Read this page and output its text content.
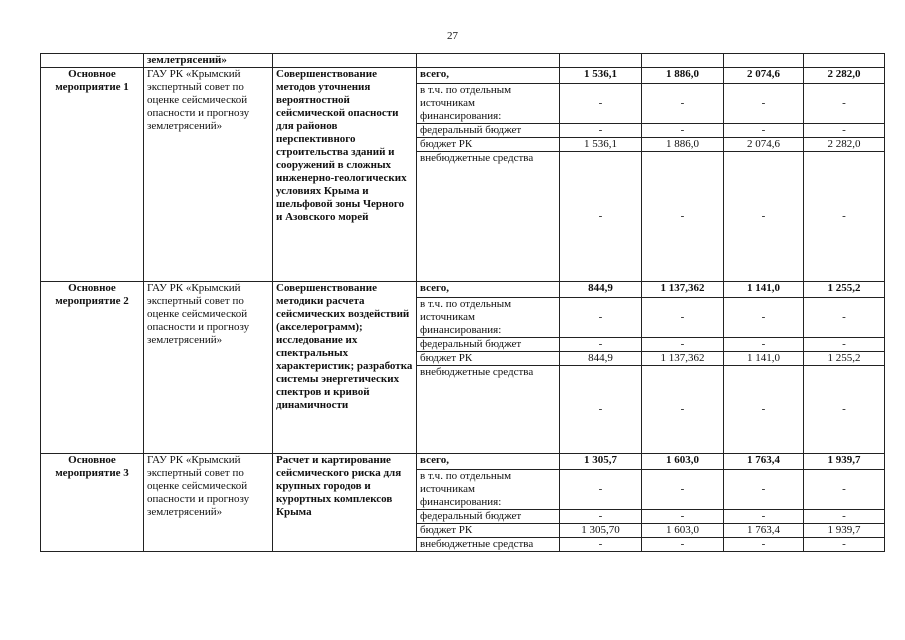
27
	землетрясений»						
Основное мероприятие 1	ГАУ РК «Крымский экспертный совет по оценке сейсмической опасности и прогнозу землетрясений»	Совершенствование методов уточнения вероятностной сейсмической опасности для районов перспективного строительства зданий и сооружений в сложных инженерно-геологических условиях Крыма и шельфовой зоны Черного и Азовского морей	всего,	1 536,1	1 886,0	2 074,6	2 282,0
			в т.ч. по отдельным источникам финансирования:	-	-	-	-
			федеральный бюджет	-	-	-	-
			бюджет РК	1 536,1	1 886,0	2 074,6	2 282,0
			внебюджетные средства	-	-	-	-

Основное мероприятие 2	ГАУ РК «Крымский экспертный совет по оценке сейсмической опасности и прогнозу землетрясений»	Совершенствование методики расчета сейсмических воздействий (акселерограмм); исследование их спектральных характеристик; разработка системы энергетических спектров и кривой динамичности	всего,	844,9	1 137,362	1 141,0	1 255,2
			в т.ч. по отдельным источникам финансирования:	-	-	-	-
			федеральный бюджет	-	-	-	-
			бюджет РК	844,9	1 137,362	1 141,0	1 255,2
			внебюджетные средства	-	-	-	-
Основное мероприятие 3	ГАУ РК «Крымский экспертный совет по оценке сейсмической опасности и прогнозу землетрясений»	Расчет и картирование сейсмического риска для крупных городов и курортных комплексов Крыма	всего,	1 305,7	1 603,0	1 763,4	1 939,7
			в т.ч. по отдельным источникам финансирования:	-	-	-	-
			федеральный бюджет	-	-	-	-
			бюджет РК	1 305,70	1 603,0	1 763,4	1 939,7
			внебюджетные средства	-	-	-	-
